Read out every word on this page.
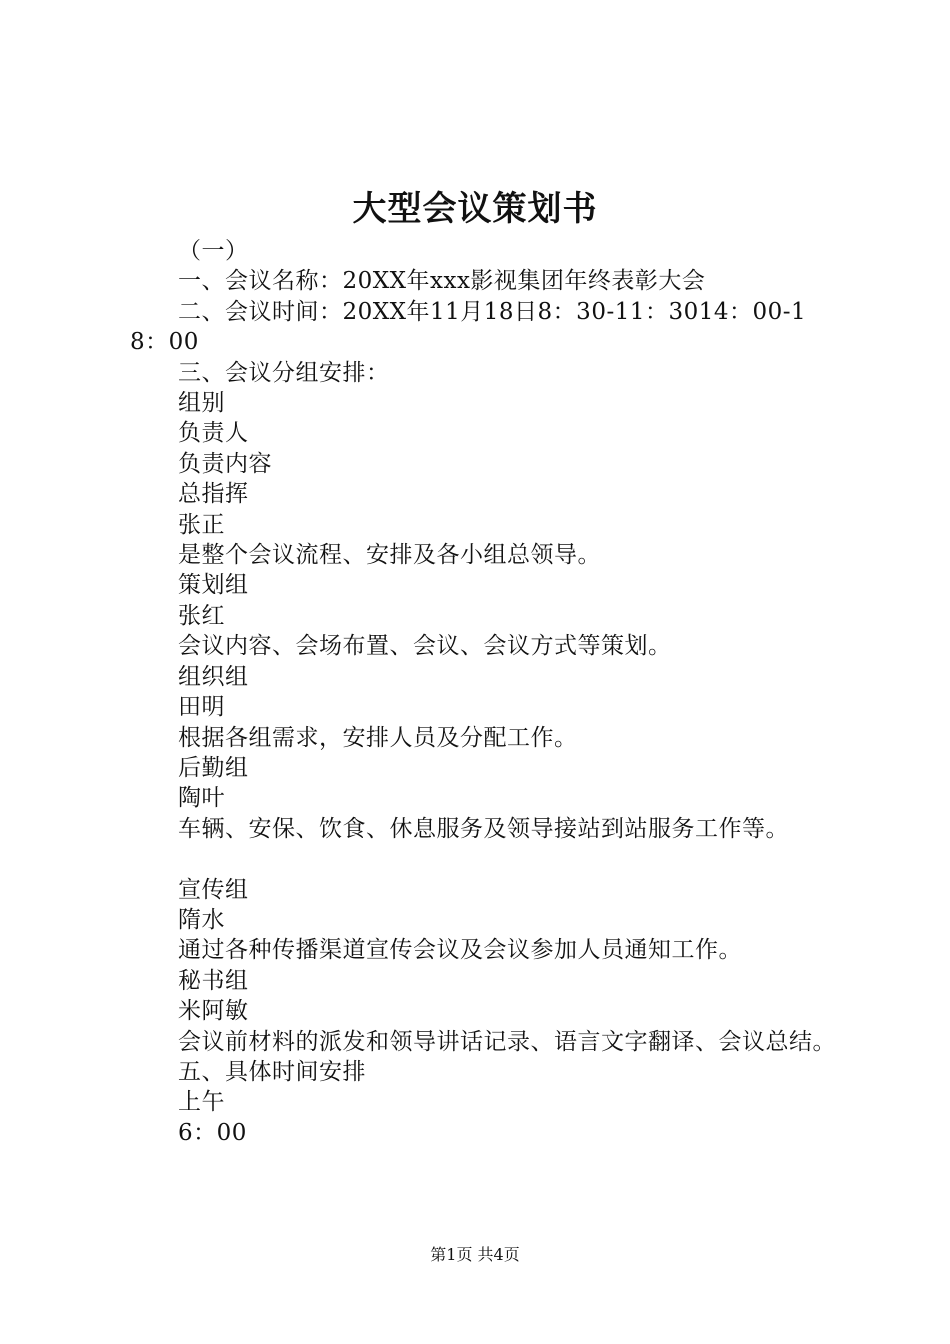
大型会议策划书

（一）

一、会议名称：20XX年xxx影视集团年终表彰大会

二、会议时间：20XX年11月18日8：30-11：3014：00-18：00

三、会议分组安排：

组别

负责人

负责内容

总指挥

张正

是整个会议流程、安排及各小组总领导。

策划组

张红

会议内容、会场布置、会议、会议方式等策划。

组织组

田明

根据各组需求，安排人员及分配工作。

后勤组

陶叶

车辆、安保、饮食、休息服务及领导接站到站服务工作等。

宣传组

隋水

通过各种传播渠道宣传会议及会议参加人员通知工作。

秘书组

米阿敏

会议前材料的派发和领导讲话记录、语言文字翻译、会议总结。

五、具体时间安排

上午

6：00

第1页 共4页
